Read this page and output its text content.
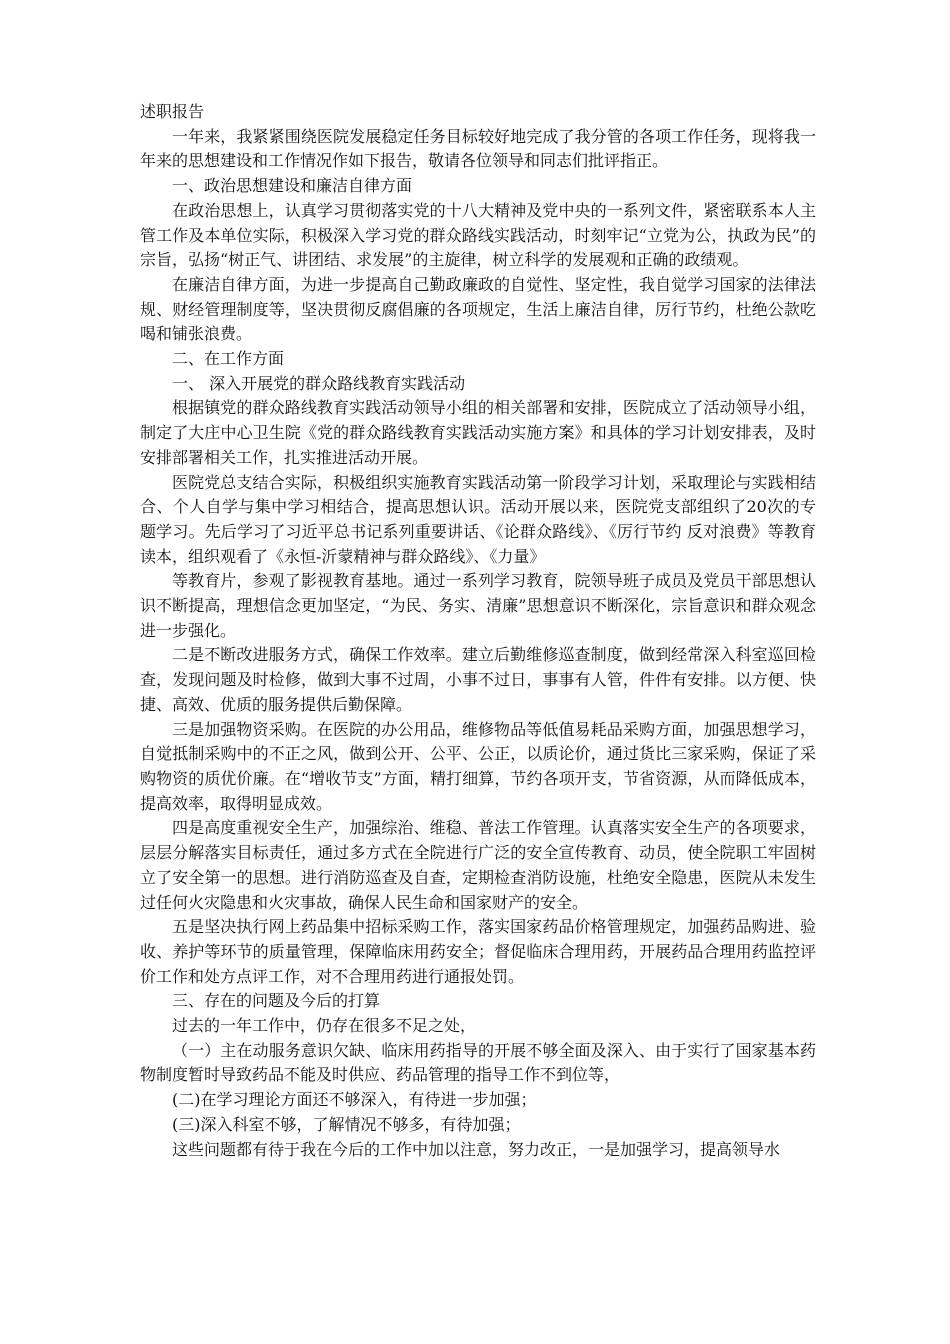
述职报告

一年来，我紧紧围绕医院发展稳定任务目标较好地完成了我分管的各项工作任务，现将我一年来的思想建设和工作情况作如下报告，敬请各位领导和同志们批评指正。

一、政治思想建设和廉洁自律方面

在政治思想上，认真学习贯彻落实党的十八大精神及党中央的一系列文件，紧密联系本人主管工作及本单位实际，积极深入学习党的群众路线实践活动，时刻牢记“立党为公，执政为民”的宗旨，弘扬“树正气、讲团结、求发展”的主旋律，树立科学的发展观和正确的政绩观。

在廉洁自律方面，为进一步提高自己勤政廉政的自觉性、坚定性，我自觉学习国家的法律法规、财经管理制度等，坚决贯彻反腐倡廉的各项规定，生活上廉洁自律，厉行节约，杜绝公款吃喝和铺张浪费。

二、在工作方面

一、 深入开展党的群众路线教育实践活动

根据镇党的群众路线教育实践活动领导小组的相关部署和安排，医院成立了活动领导小组，制定了大庄中心卫生院《党的群众路线教育实践活动实施方案》和具体的学习计划安排表，及时安排部署相关工作，扎实推进活动开展。

医院党总支结合实际，积极组织实施教育实践活动第一阶段学习计划，采取理论与实践相结合、个人自学与集中学习相结合，提高思想认识。活动开展以来，医院党支部组织了20次的专题学习。先后学习了习近平总书记系列重要讲话、《论群众路线》、《厉行节约 反对浪费》等教育读本，组织观看了《永恒-沂蒙精神与群众路线》、《力量》

等教育片，参观了影视教育基地。通过一系列学习教育，院领导班子成员及党员干部思想认识不断提高，理想信念更加坚定，“为民、务实、清廉”思想意识不断深化，宗旨意识和群众观念进一步强化。

二是不断改进服务方式，确保工作效率。建立后勤维修巡查制度，做到经常深入科室巡回检查，发现问题及时检修，做到大事不过周，小事不过日，事事有人管，件件有安排。以方便、快捷、高效、优质的服务提供后勤保障。

三是加强物资采购。在医院的办公用品，维修物品等低值易耗品采购方面，加强思想学习，自觉抵制采购中的不正之风，做到公开、公平、公正，以质论价，通过货比三家采购，保证了采购物资的质优价廉。在“增收节支”方面，精打细算，节约各项开支，节省资源，从而降低成本，提高效率，取得明显成效。

四是高度重视安全生产，加强综治、维稳、普法工作管理。认真落实安全生产的各项要求，层层分解落实目标责任，通过多方式在全院进行广泛的安全宣传教育、动员，使全院职工牢固树立了安全第一的思想。进行消防巡查及自查，定期检查消防设施，杜绝安全隐患，医院从未发生过任何火灾隐患和火灾事故，确保人民生命和国家财产的安全。

五是坚决执行网上药品集中招标采购工作，落实国家药品价格管理规定，加强药品购进、验收、养护等环节的质量管理，保障临床用药安全；督促临床合理用药，开展药品合理用药监控评价工作和处方点评工作，对不合理用药进行通报处罚。

三、存在的问题及今后的打算

过去的一年工作中，仍存在很多不足之处，

（一）主在动服务意识欠缺、临床用药指导的开展不够全面及深入、由于实行了国家基本药物制度暂时导致药品不能及时供应、药品管理的指导工作不到位等，

(二)在学习理论方面还不够深入，有待进一步加强；

(三)深入科室不够，了解情况不够多，有待加强；

这些问题都有待于我在今后的工作中加以注意，努力改正，一是加强学习，提高领导水
